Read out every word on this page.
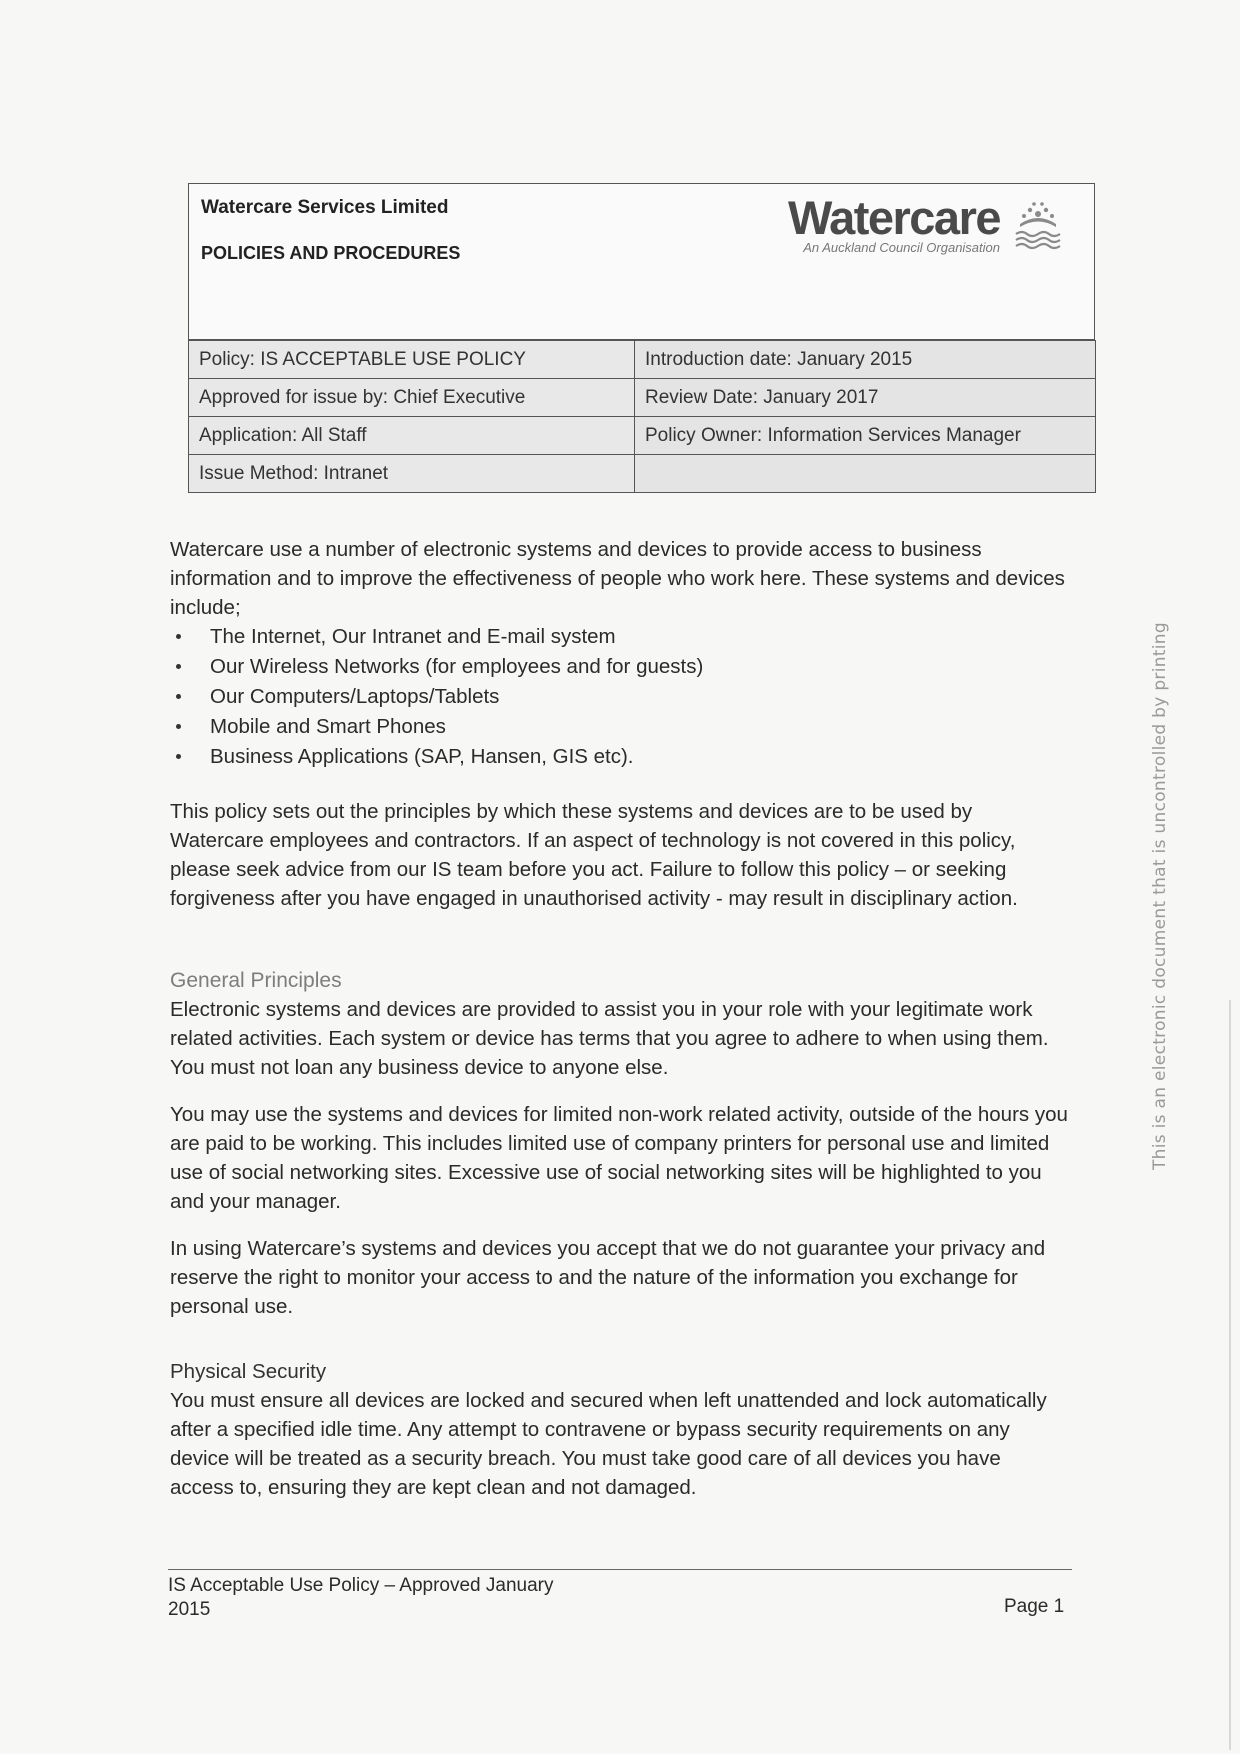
Watercare Services Limited
POLICIES AND PROCEDURES
Watercare
An Auckland Council Organisation
Policy: IS ACCEPTABLE USE POLICY	Introduction date: January 2015
Approved for issue by: Chief Executive	Review Date: January 2017
Application: All Staff	Policy Owner: Information Services Manager
Issue Method: Intranet	

Watercare use a number of electronic systems and devices to provide access to business information and to improve the effectiveness of people who work here. These systems and devices include;

The Internet, Our Intranet and E-mail system
Our Wireless Networks (for employees and for guests)
Our Computers/Laptops/Tablets
Mobile and Smart Phones
Business Applications (SAP, Hansen, GIS etc).

This policy sets out the principles by which these systems and devices are to be used by Watercare employees and contractors. If an aspect of technology is not covered in this policy, please seek advice from our IS team before you act. Failure to follow this policy – or seeking forgiveness after you have engaged in unauthorised activity - may result in disciplinary action.

General Principles

Electronic systems and devices are provided to assist you in your role with your legitimate work related activities. Each system or device has terms that you agree to adhere to when using them. You must not loan any business device to anyone else.

You may use the systems and devices for limited non-work related activity, outside of the hours you are paid to be working. This includes limited use of company printers for personal use and limited use of social networking sites. Excessive use of social networking sites will be highlighted to you and your manager.

In using Watercare’s systems and devices you accept that we do not guarantee your privacy and reserve the right to monitor your access to and the nature of the information you exchange for personal use.

Physical Security

You must ensure all devices are locked and secured when left unattended and lock automatically after a specified idle time. Any attempt to contravene or bypass security requirements on any device will be treated as a security breach. You must take good care of all devices you have access to, ensuring they are kept clean and not damaged.

IS Acceptable Use Policy – Approved January
2015	Page 1
This is an electronic document that is uncontrolled by printing
